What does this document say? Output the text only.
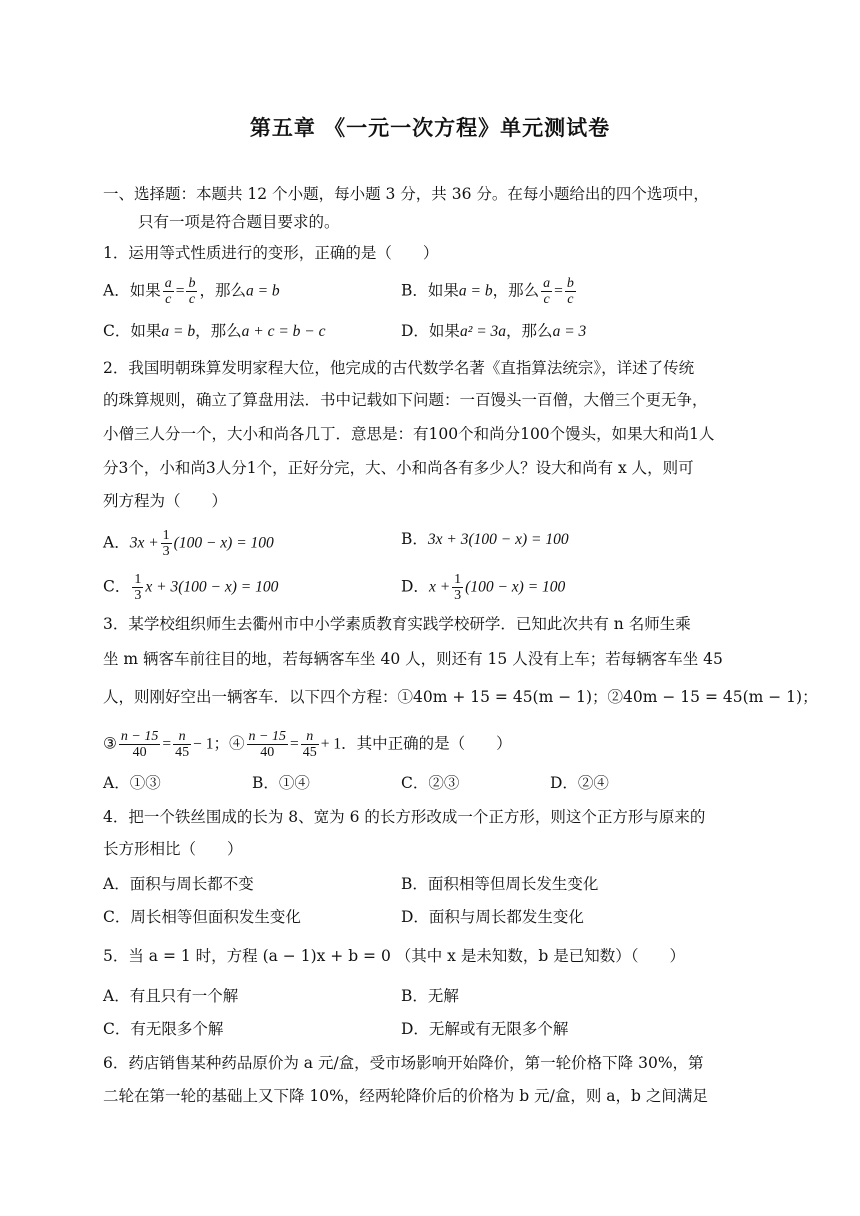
第五章 《一元一次方程》单元测试卷
一、选择题：本题共 12 个小题，每小题 3 分，共 36 分。在每小题给出的四个选项中，
只有一项是符合题目要求的。
1．运用等式性质进行的变形，正确的是（　　）
A．如果 $\frac{a}{c} = \frac{b}{c}$ ，那么a = b	B．如果a = b，那么 $\frac{a}{c} = \frac{b}{c}$
C．如果a = b，那么a + c = b − c	D．如果a² = 3a，那么a = 3
2．我国明朝珠算发明家程大位，他完成的古代数学名著《直指算法统宗》，详述了传统
的珠算规则，确立了算盘用法．书中记载如下问题：一百馒头一百僧，大僧三个更无争，
小僧三人分一个，大小和尚各几丁．意思是：有100个和尚分100个馒头，如果大和尚1人
分3个，小和尚3人分1个，正好分完，大、小和尚各有多少人？设大和尚有 x 人，则可
列方程为（　　）
A．$3x + \frac{1}{3} (100 - x) = 100$	B．3x + 3(100 − x) = 100
C． $\frac{1}{3}$ x + 3(100 − x) = 100	D．$x + \frac{1}{3} (100 - x) = 100$
3．某学校组织师生去衢州市中小学素质教育实践学校研学．已知此次共有 n 名师生乘
坐 m 辆客车前往目的地，若每辆客车坐 40 人，则还有 15 人没有上车；若每辆客车坐 45
人，则刚好空出一辆客车．以下四个方程：①40m + 15 = 45(m − 1)；②40m − 15 = 45(m − 1)；
③ $\frac{n - 15}{40} = \frac{n}{45} - 1$；④ $\frac{n - 15}{40} = \frac{n}{45} + 1$．其中正确的是（　　）
A．①③	B．①④	C．②③	D．②④
4．把一个铁丝围成的长为 8、宽为 6 的长方形改成一个正方形，则这个正方形与原来的
长方形相比（　　）
A．面积与周长都不变	B．面积相等但周长发生变化
C．周长相等但面积发生变化	D．面积与周长都发生变化
5．当 a = 1 时，方程 (a − 1)x + b = 0 （其中 x 是未知数，b 是已知数）（　　）
A．有且只有一个解	B．无解
C．有无限多个解	D．无解或有无限多个解
6．药店销售某种药品原价为 a 元/盒，受市场影响开始降价，第一轮价格下降 30%，第
二轮在第一轮的基础上又下降 10%，经两轮降价后的价格为 b 元/盒，则 a，b 之间满足
